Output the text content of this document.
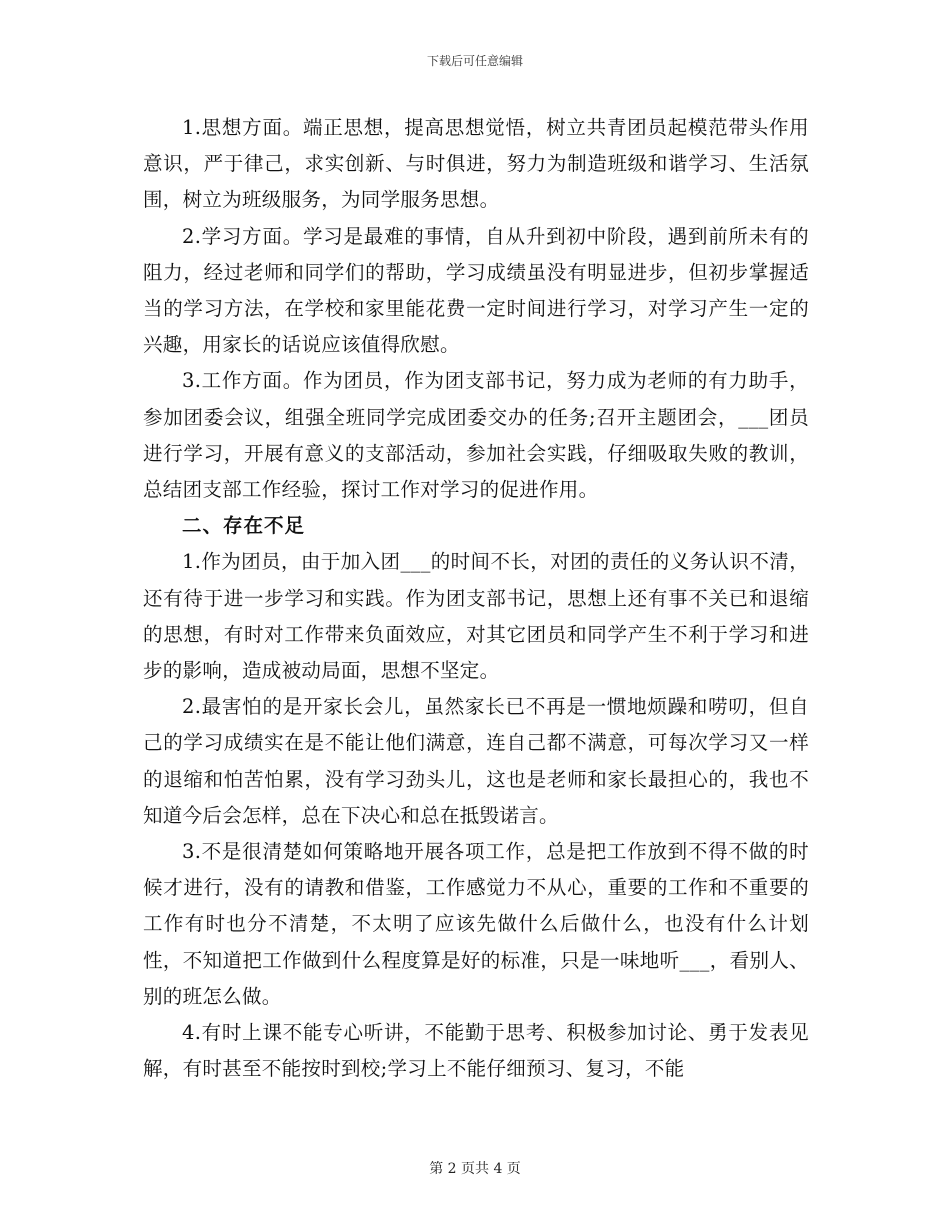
下载后可任意编辑

1.思想方面。端正思想，提高思想觉悟，树立共青团员起模范带头作用意识，严于律己，求实创新、与时俱进，努力为制造班级和谐学习、生活氛围，树立为班级服务，为同学服务思想。

2.学习方面。学习是最难的事情，自从升到初中阶段，遇到前所未有的阻力，经过老师和同学们的帮助，学习成绩虽没有明显进步，但初步掌握适当的学习方法，在学校和家里能花费一定时间进行学习，对学习产生一定的兴趣，用家长的话说应该值得欣慰。

3.工作方面。作为团员，作为团支部书记，努力成为老师的有力助手，参加团委会议，组强全班同学完成团委交办的任务;召开主题团会，___团员进行学习，开展有意义的支部活动，参加社会实践，仔细吸取失败的教训，总结团支部工作经验，探讨工作对学习的促进作用。

二、存在不足

1.作为团员，由于加入团___的时间不长，对团的责任的义务认识不清，还有待于进一步学习和实践。作为团支部书记，思想上还有事不关已和退缩的思想，有时对工作带来负面效应，对其它团员和同学产生不利于学习和进步的影响，造成被动局面，思想不坚定。

2.最害怕的是开家长会儿，虽然家长已不再是一惯地烦躁和唠叨，但自己的学习成绩实在是不能让他们满意，连自己都不满意，可每次学习又一样的退缩和怕苦怕累，没有学习劲头儿，这也是老师和家长最担心的，我也不知道今后会怎样，总在下决心和总在抵毁诺言。

3.不是很清楚如何策略地开展各项工作，总是把工作放到不得不做的时候才进行，没有的请教和借鉴，工作感觉力不从心，重要的工作和不重要的工作有时也分不清楚，不太明了应该先做什么后做什么，也没有什么计划性，不知道把工作做到什么程度算是好的标准，只是一味地听___，看别人、别的班怎么做。

4.有时上课不能专心听讲，不能勤于思考、积极参加讨论、勇于发表见解，有时甚至不能按时到校;学习上不能仔细预习、复习，不能

第 2 页共 4 页
